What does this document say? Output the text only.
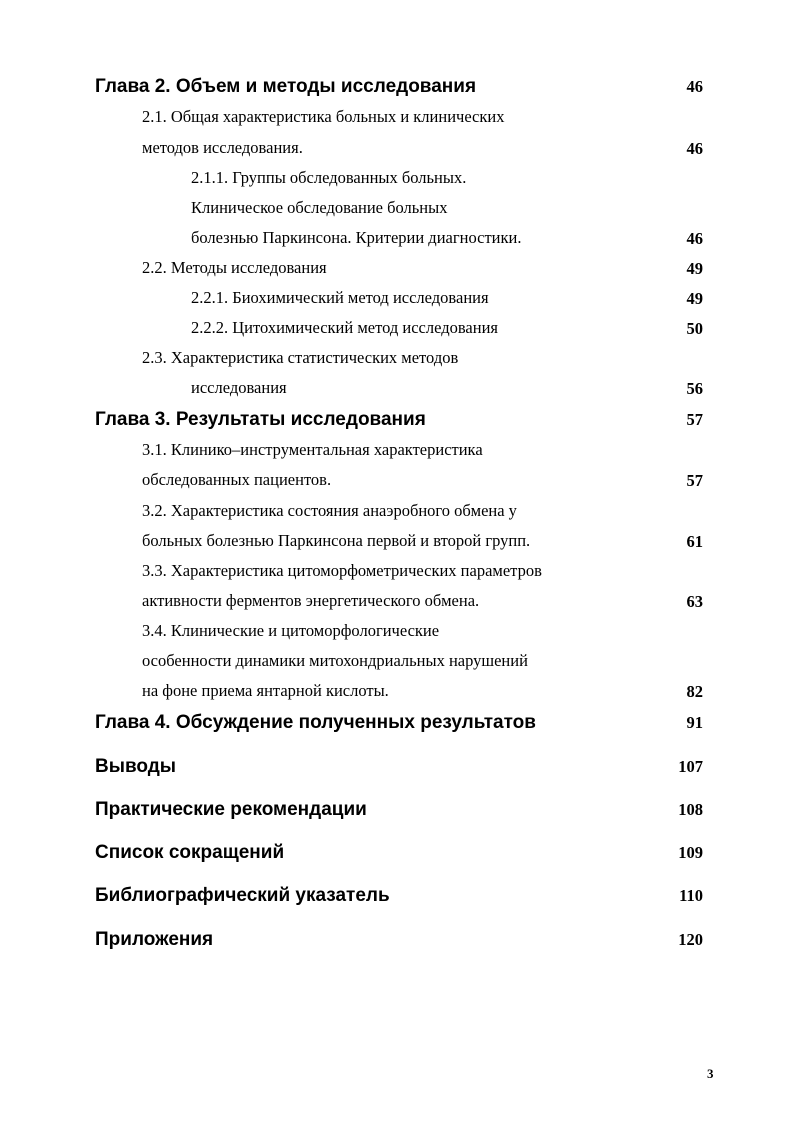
Глава 2. Объем и методы исследования	46
2.1. Общая характеристика больных и клинических
методов исследования.	46
2.1.1. Группы обследованных больных.
Клиническое обследование больных
болезнью Паркинсона. Критерии диагностики.	46
2.2. Методы исследования	49
2.2.1. Биохимический метод исследования	49
2.2.2. Цитохимический метод исследования	50
2.3. Характеристика статистических методов
исследования	56
Глава 3. Результаты исследования	57
3.1. Клинико–инструментальная характеристика
обследованных пациентов.	57
3.2. Характеристика состояния анаэробного обмена у
больных болезнью Паркинсона первой и второй групп.	61
3.3. Характеристика цитоморфометрических параметров
активности ферментов энергетического обмена.	63
3.4. Клинические и цитоморфологические
особенности динамики митохондриальных нарушений
на фоне приема янтарной кислоты.	82
Глава 4. Обсуждение полученных результатов	91
Выводы	107
Практические рекомендации	108
Список сокращений	109
Библиографический указатель	110
Приложения	120
3
